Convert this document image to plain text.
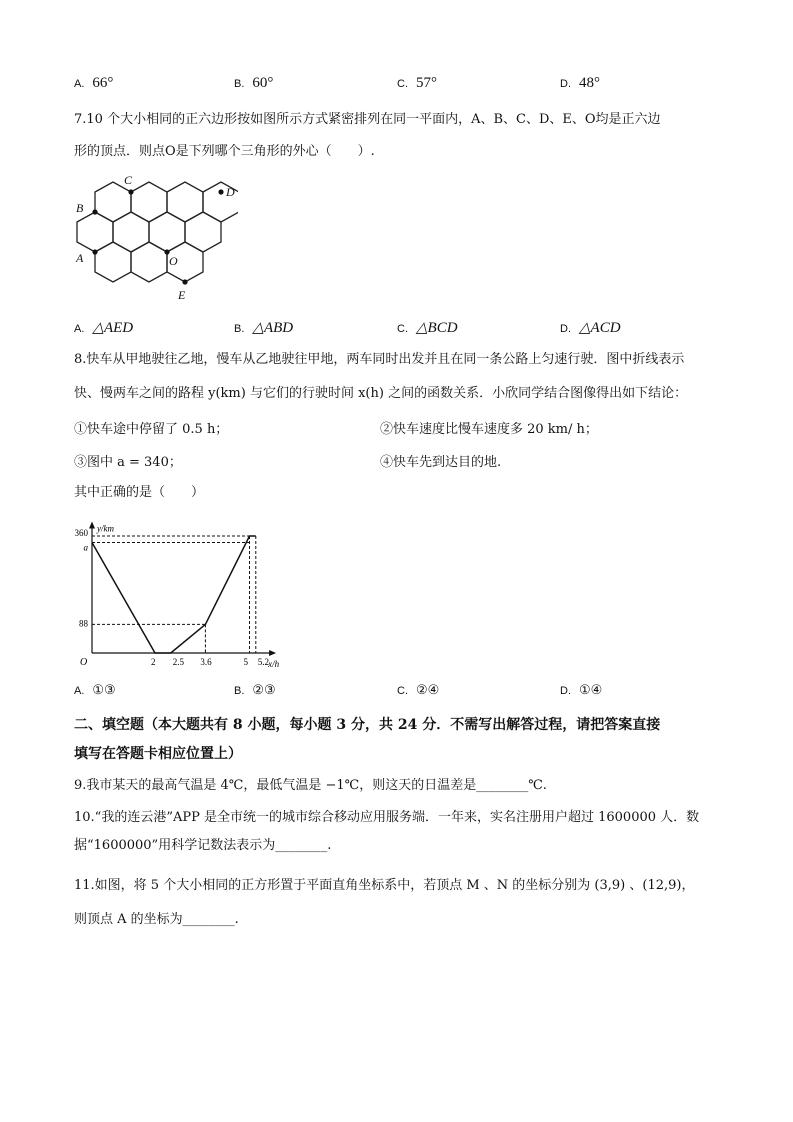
A. 66°	B. 60°	C. 57°	D. 48°
7.10 个大小相同的正六边形按如图所示方式紧密排列在同一平面内，A、B、C、D、E、O均是正六边
形的顶点．则点O是下列哪个三角形的外心（　　）.
B
C
D
A	O
E
A. △AED	B. △ABD	C. △BCD	D. △ACD
8.快车从甲地驶往乙地，慢车从乙地驶往甲地，两车同时出发并且在同一条公路上匀速行驶．图中折线表示
快、慢两车之间的路程 y(km) 与它们的行驶时间 x(h) 之间的函数关系．小欣同学结合图像得出如下结论：
①快车途中停留了 0.5 h；	②快车速度比慢车速度多 20 km/ h；
③图中 a = 340；	④快车先到达目的地.
其中正确的是（　　）
2 2.5 3.6	5 5.2
88
a
360
O	x/h
y/km
A. ①③	B. ②③	C. ②④	D. ①④
二、填空题（本大题共有 8 小题，每小题 3 分，共 24 分．不需写出解答过程，请把答案直接
填写在答题卡相应位置上）
9.我市某天的最高气温是 4℃，最低气温是 −1℃，则这天的日温差是________℃.
10.“我的连云港”APP 是全市统一的城市综合移动应用服务端．一年来，实名注册用户超过 1600000 人．数
据“1600000”用科学记数法表示为________.
11.如图，将 5 个大小相同的正方形置于平面直角坐标系中，若顶点 M 、N 的坐标分别为 (3,9) 、(12,9)，
则顶点 A 的坐标为________.
